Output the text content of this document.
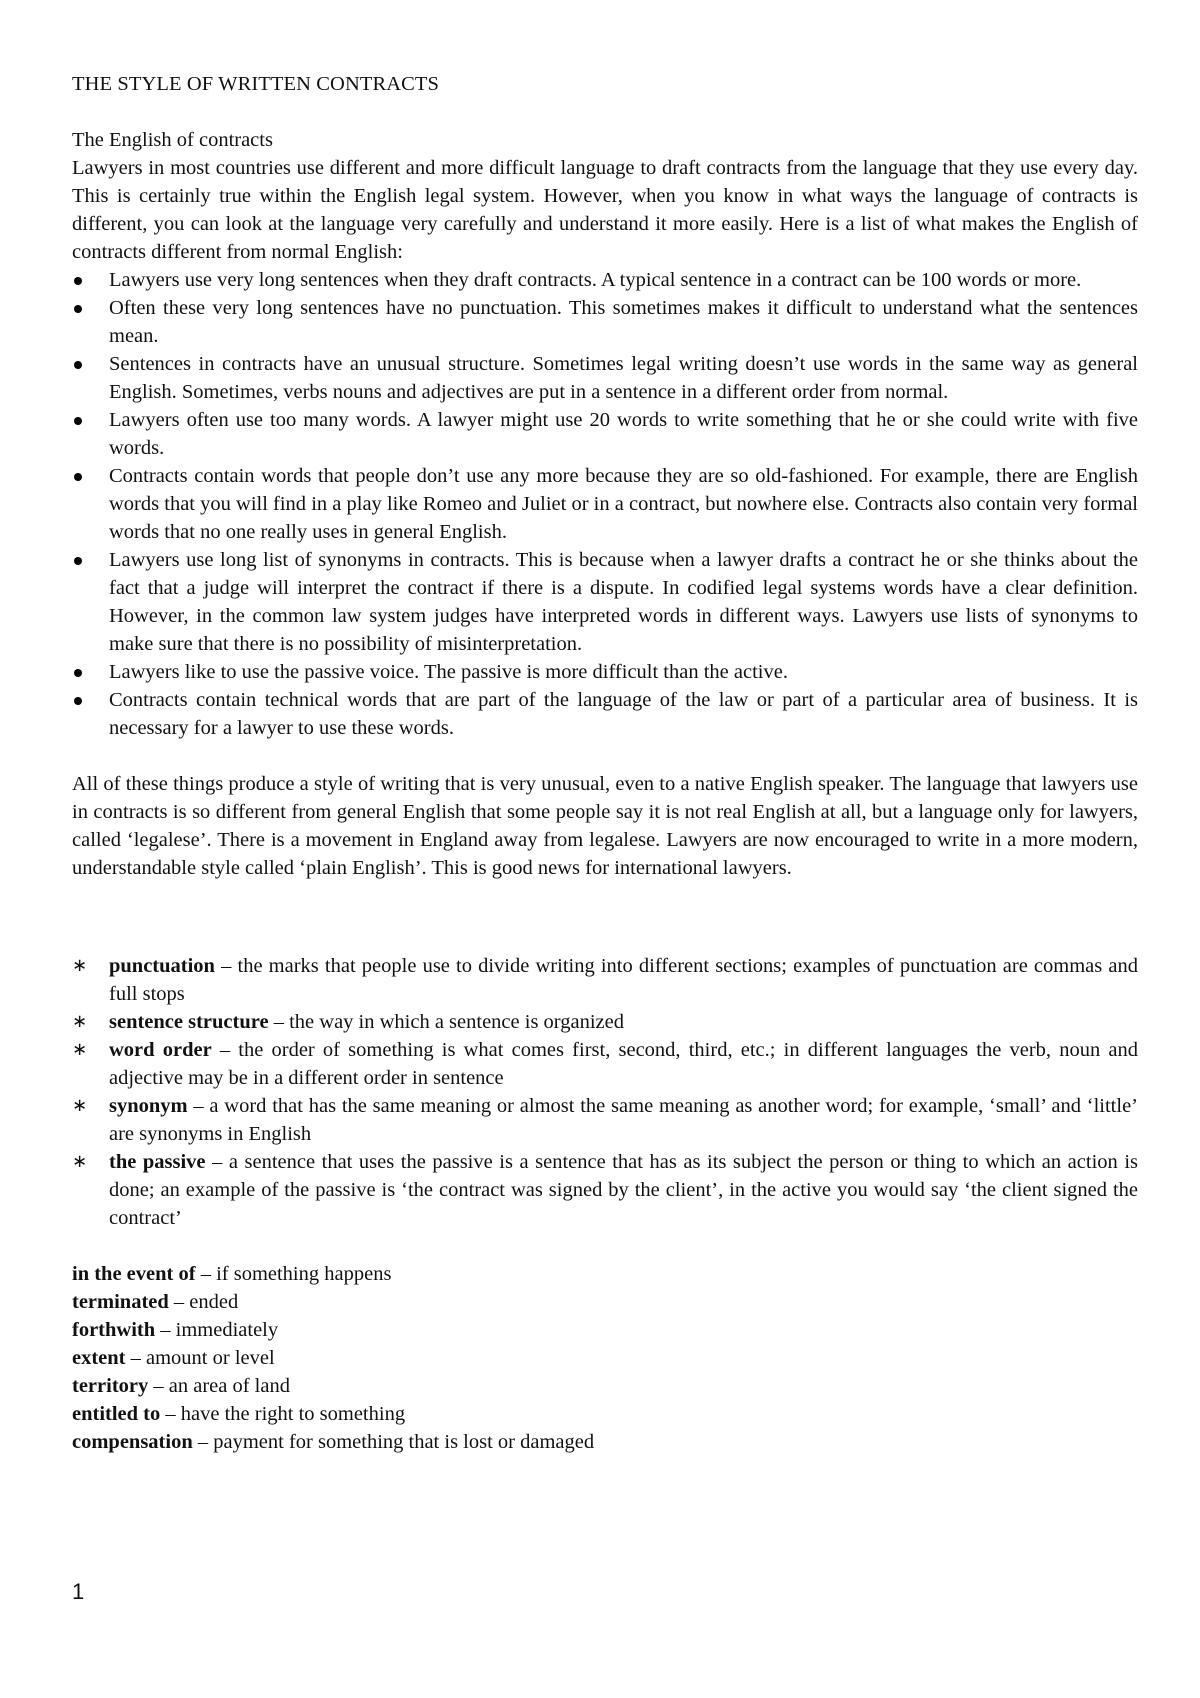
THE STYLE OF WRITTEN CONTRACTS

The English of contracts

Lawyers in most countries use different and more difficult language to draft contracts from the language that they use every day. This is certainly true within the English legal system. However, when you know in what ways the language of contracts is different, you can look at the language very carefully and understand it more easily. Here is a list of what makes the English of contracts different from normal English:

Lawyers use very long sentences when they draft contracts. A typical sentence in a contract can be 100 words or more.
Often these very long sentences have no punctuation. This sometimes makes it difficult to understand what the sentences mean.
Sentences in contracts have an unusual structure. Sometimes legal writing doesn’t use words in the same way as general English. Sometimes, verbs nouns and adjectives are put in a sentence in a different order from normal.
Lawyers often use too many words. A lawyer might use 20 words to write something that he or she could write with five words.
Contracts contain words that people don’t use any more because they are so old-fashioned. For example, there are English words that you will find in a play like Romeo and Juliet or in a contract, but nowhere else. Contracts also contain very formal words that no one really uses in general English.
Lawyers use long list of synonyms in contracts. This is because when a lawyer drafts a contract he or she thinks about the fact that a judge will interpret the contract if there is a dispute. In codified legal systems words have a clear definition. However, in the common law system judges have interpreted words in different ways. Lawyers use lists of synonyms to make sure that there is no possibility of misinterpretation.
Lawyers like to use the passive voice. The passive is more difficult than the active.
Contracts contain technical words that are part of the language of the law or part of a particular area of business. It is necessary for a lawyer to use these words.

All of these things produce a style of writing that is very unusual, even to a native English speaker. The language that lawyers use in contracts is so different from general English that some people say it is not real English at all, but a language only for lawyers, called ‘legalese’. There is a movement in England away from legalese. Lawyers are now encouraged to write in a more modern, understandable style called ‘plain English’. This is good news for international lawyers.

∗ punctuation – the marks that people use to divide writing into different sections; examples of punctuation are commas and full stops
∗ sentence structure – the way in which a sentence is organized
∗ word order – the order of something is what comes first, second, third, etc.; in different languages the verb, noun and adjective may be in a different order in sentence
∗ synonym – a word that has the same meaning or almost the same meaning as another word; for example, ‘small’ and ‘little’ are synonyms in English
∗ the passive – a sentence that uses the passive is a sentence that has as its subject the person or thing to which an action is done; an example of the passive is ‘the contract was signed by the client’, in the active you would say ‘the client signed the contract’

in the event of – if something happens

terminated – ended

forthwith – immediately

extent – amount or level

territory – an area of land

entitled to – have the right to something

compensation – payment for something that is lost or damaged

1
